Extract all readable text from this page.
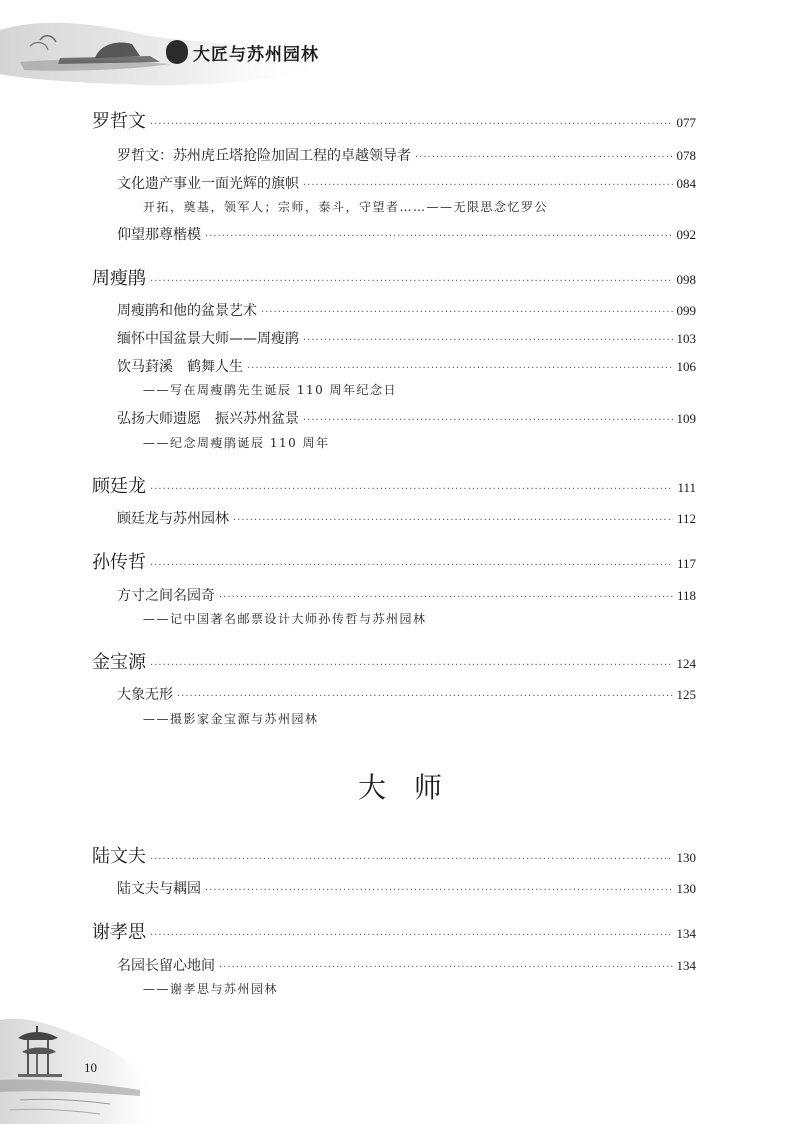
大匠与苏州园林
罗哲文 ·····	077
罗哲文：苏州虎丘塔抢险加固工程的卓越领导者 ·····	078
文化遗产事业一面光辉的旗帜 ·····	084
开拓，奠基，领军人；宗师，泰斗，守望者……——无限思念忆罗公
仰望那尊楷模 ·····	092
周瘦鹃 ·····	098
周瘦鹃和他的盆景艺术 ·····	099
缅怀中国盆景大师——周瘦鹃 ·····	103
饮马葑溪　鹤舞人生 ·····	106
——写在周瘦鹃先生诞辰 110 周年纪念日
弘扬大师遗愿　振兴苏州盆景 ·····	109
——纪念周瘦鹃诞辰 110 周年
顾廷龙 ·····	111
顾廷龙与苏州园林 ·····	112
孙传哲 ·····	117
方寸之间名园奇 ·····	118
——记中国著名邮票设计大师孙传哲与苏州园林
金宝源 ·····	124
大象无形 ·····	125
——摄影家金宝源与苏州园林
大师
陆文夫 ·····	130
陆文夫与耦园 ·····	130
谢孝思 ·····	134
名园长留心地间 ·····	134
——谢孝思与苏州园林
10
